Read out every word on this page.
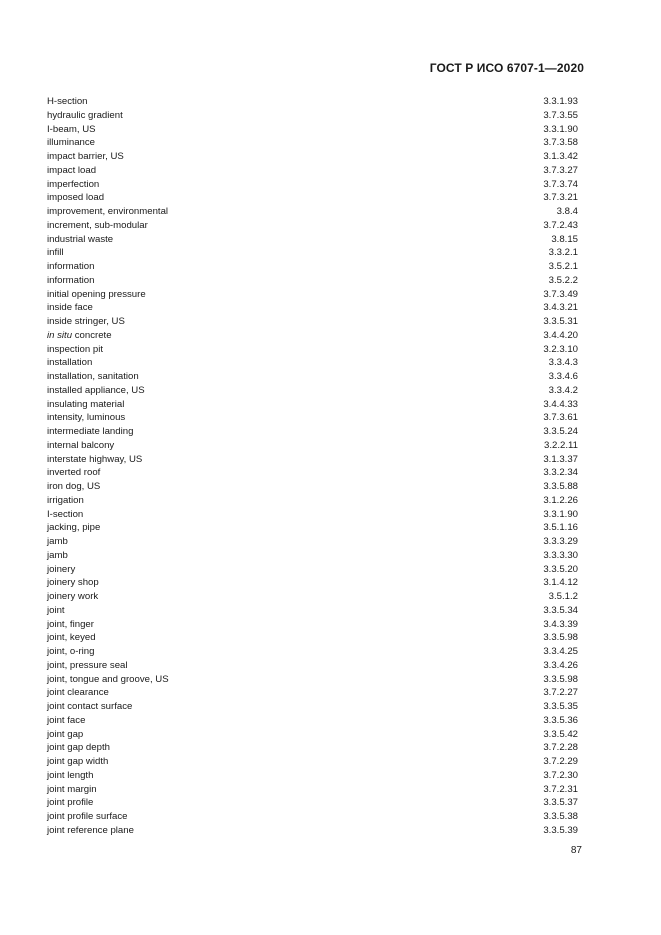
ГОСТ Р ИСО 6707-1—2020
H-section	3.3.1.93
hydraulic gradient	3.7.3.55
I-beam, US	3.3.1.90
illuminance	3.7.3.58
impact barrier, US	3.1.3.42
impact load	3.7.3.27
imperfection	3.7.3.74
imposed load	3.7.3.21
improvement, environmental	3.8.4
increment, sub-modular	3.7.2.43
industrial waste	3.8.15
infill	3.3.2.1
information	3.5.2.1
information	3.5.2.2
initial opening pressure	3.7.3.49
inside face	3.4.3.21
inside stringer, US	3.3.5.31
in situ concrete	3.4.4.20
inspection pit	3.2.3.10
installation	3.3.4.3
installation, sanitation	3.3.4.6
installed appliance, US	3.3.4.2
insulating material	3.4.4.33
intensity, luminous	3.7.3.61
intermediate landing	3.3.5.24
internal balcony	3.2.2.11
interstate highway, US	3.1.3.37
inverted roof	3.3.2.34
iron dog, US	3.3.5.88
irrigation	3.1.2.26
I-section	3.3.1.90
jacking, pipe	3.5.1.16
jamb	3.3.3.29
jamb	3.3.3.30
joinery	3.3.5.20
joinery shop	3.1.4.12
joinery work	3.5.1.2
joint	3.3.5.34
joint, finger	3.4.3.39
joint, keyed	3.3.5.98
joint, o-ring	3.3.4.25
joint, pressure seal	3.3.4.26
joint, tongue and groove, US	3.3.5.98
joint clearance	3.7.2.27
joint contact surface	3.3.5.35
joint face	3.3.5.36
joint gap	3.3.5.42
joint gap depth	3.7.2.28
joint gap width	3.7.2.29
joint length	3.7.2.30
joint margin	3.7.2.31
joint profile	3.3.5.37
joint profile surface	3.3.5.38
joint reference plane	3.3.5.39
87
